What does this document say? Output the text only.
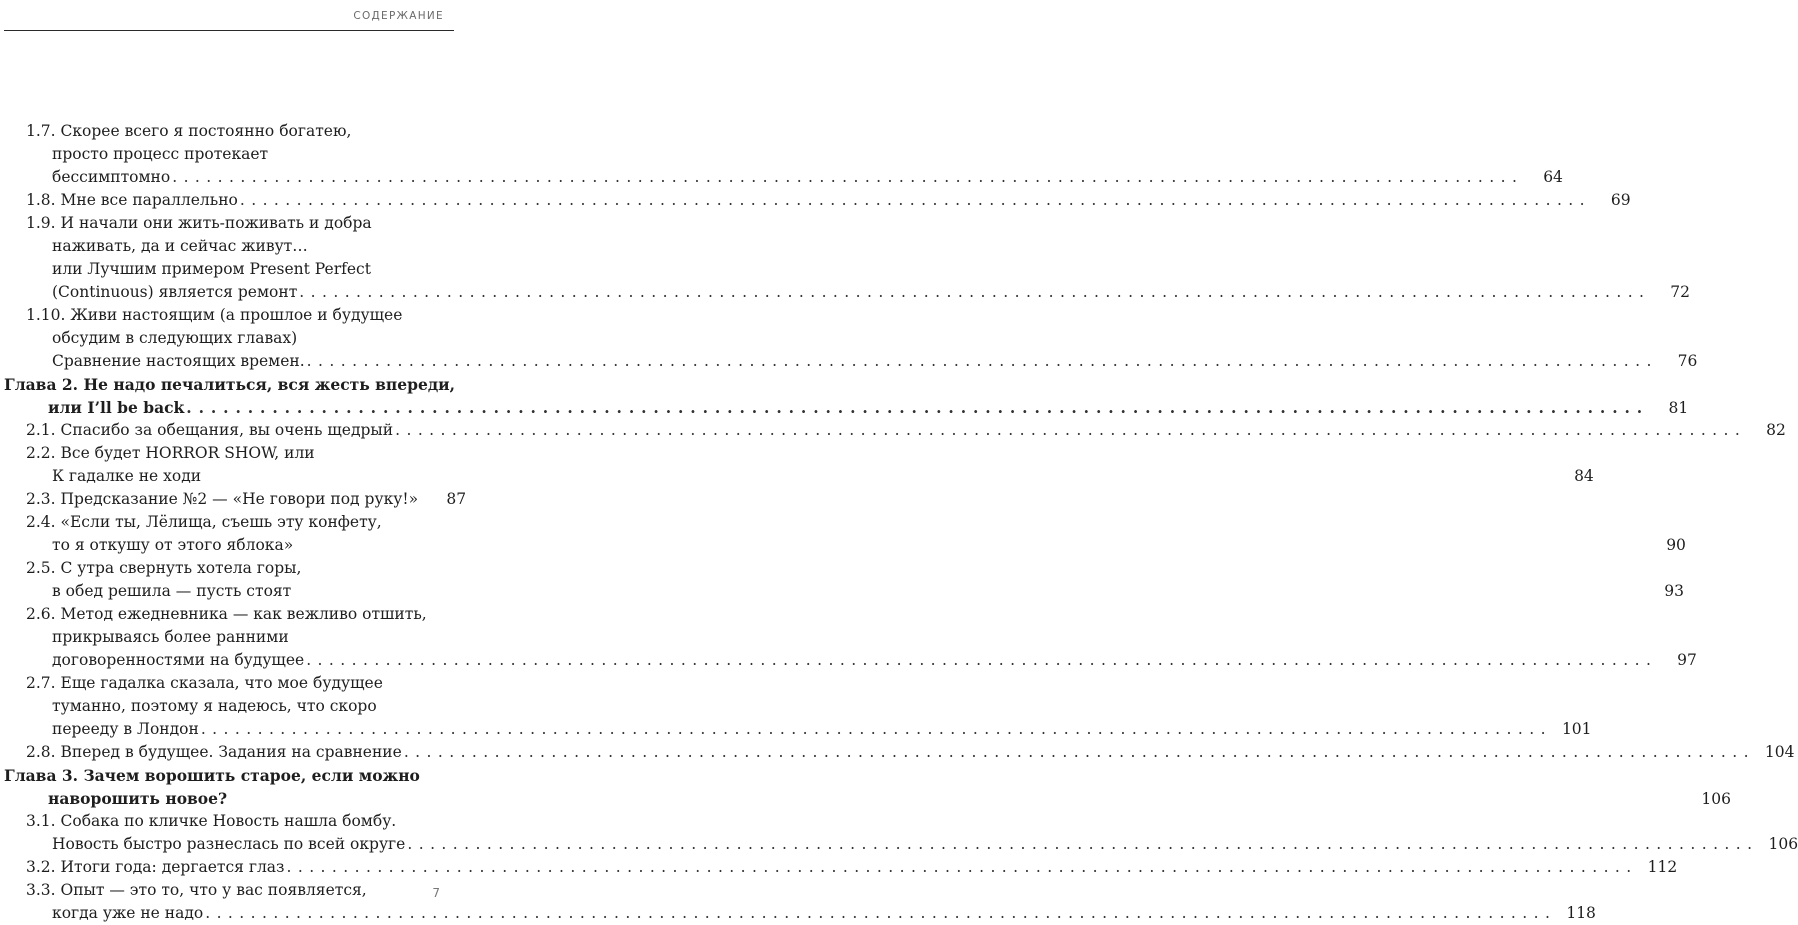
СОДЕРЖАНИЕ
1.7. Скорее всего я постоянно богатею,
просто процесс протекает
бессимптомно . . .	64
1.8. Мне все параллельно . . .	69
1.9. И начали они жить-поживать и добра
наживать, да и сейчас живут…
или Лучшим примером Present Perfect
(Continuous) является ремонт . . .	72
1.10. Живи настоящим (а прошлое и будущее
обсудим в следующих главах)
Сравнение настоящих времен. . . .	76
Глава 2. Не надо печалиться, вся жесть впереди,
или I’ll be back . . .	81
2.1. Спасибо за обещания, вы очень щедрый . . .	82
2.2. Все будет HORROR SHOW, или
К гадалке не ходи	84
2.3. Предсказание №2 — «Не говори под руку!»	87
2.4. «Если ты, Лёлища, съешь эту конфету,
то я откушу от этого яблока»	90
2.5. С утра свернуть хотела горы,
в обед решила — пусть стоят	93
2.6. Метод ежедневника — как вежливо отшить,
прикрываясь более ранними
договоренностями на будущее . . .	97
2.7. Еще гадалка сказала, что мое будущее
туманно, поэтому я надеюсь, что скоро
перееду в Лондон . . .	101
2.8. Вперед в будущее. Задания на сравнение . . .	104
Глава 3. Зачем ворошить старое, если можно
наворошить новое?	106
3.1. Собака по кличке Новость нашла бомбу.
Новость быстро разнеслась по всей округе . . .	106
3.2. Итоги года: дергается глаз . . .	112
3.3. Опыт — это то, что у вас появляется,
когда уже не надо . . .	118
7
